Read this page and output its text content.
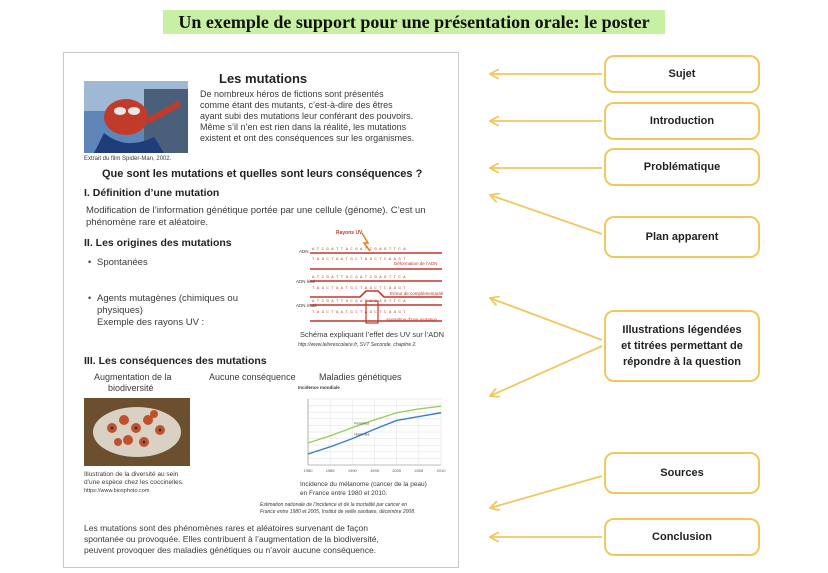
Un exemple de support pour une présentation orale: le poster
Extrait du film Spider-Man, 2002.
Les mutations
De nombreux héros de fictions sont présentés
comme étant des mutants, c’est-à-dire des êtres
ayant subi des mutations leur conférant des pouvoirs.
Même s’il n’en est rien dans la réalité, les mutations
existent et ont des conséquences sur les organismes.
Que sont les mutations et quelles sont leurs conséquences ?
I. Définition d’une mutation
Modification de l’information génétique portée par une cellule (génome). C’est un
phénomène rare et aléatoire.
II. Les origines des mutations
• Spontanées
• Agents mutagènes (chimiques ou
physiques)
Exemple des rayons UV :
A T C G A T T A C G A T C G A G T T C A
T A G C T A A T G C T A G C T C A A G T
A T C G A T T A C G A T C G A G T T C A
T A G C T A A T G C T A G C T C A A G T
A T C G A T T A C G A T C G A G T T C A
T A G C T A A T G C T A G C T C A A G T
Rayons UV
ADN
ADN lésé
ADN muté
Déformation de l’ADN
Erreur de complémentarité
Apparition d’une mutation
Schéma expliquant l’effet des UV sur l’ADN
http://www.lelivrescolaire.fr, SVT Seconde, chapitre 2.
III. Les conséquences des mutations
Augmentation de la
biodiversité
Aucune conséquence	Maladies génétiques
Illustration de la diversité au sein
d’une espèce chez les coccinelles.
https://www.biosphoto.com
1980	1985	1990	1995	2000	2005	2010
Femmes
Hommes
Incidence mondiale
Incidence du mélanome (cancer de la peau)
en France entre 1980 et 2010.
Estimation nationale de l’incidence et de la mortalité par cancer en
France entre 1980 et 2005, Institut de veille sanitaire, décembre 2008.
Les mutations sont des phénomènes rares et aléatoires survenant de façon
spontanée ou provoquée. Elles contribuent à l’augmentation de la biodiversité,
peuvent provoquer des maladies génétiques ou n’avoir aucune conséquence.
Sujet
Introduction
Problématique
Plan apparent
Illustrations légendées
et titrées permettant de
répondre à la question
Sources
Conclusion
